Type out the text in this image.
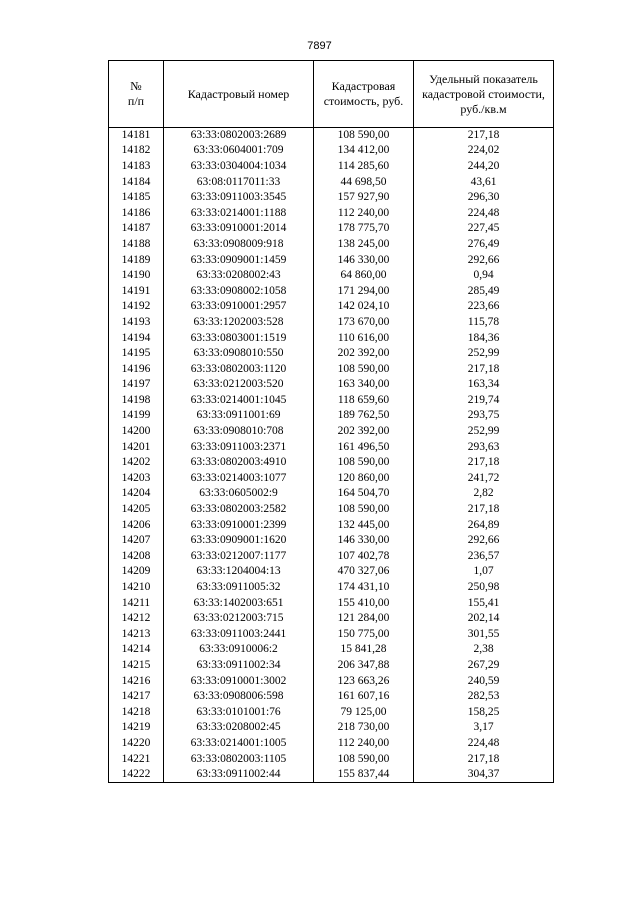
7897
№
п/п	Кадастровый номер	Кадастровая стоимость, руб.	Удельный показатель кадастровой стоимости, руб./кв.м
14181	63:33:0802003:2689	108 590,00	217,18
14182	63:33:0604001:709	134 412,00	224,02
14183	63:33:0304004:1034	114 285,60	244,20
14184	63:08:0117011:33	44 698,50	43,61
14185	63:33:0911003:3545	157 927,90	296,30
14186	63:33:0214001:1188	112 240,00	224,48
14187	63:33:0910001:2014	178 775,70	227,45
14188	63:33:0908009:918	138 245,00	276,49
14189	63:33:0909001:1459	146 330,00	292,66
14190	63:33:0208002:43	64 860,00	0,94
14191	63:33:0908002:1058	171 294,00	285,49
14192	63:33:0910001:2957	142 024,10	223,66
14193	63:33:1202003:528	173 670,00	115,78
14194	63:33:0803001:1519	110 616,00	184,36
14195	63:33:0908010:550	202 392,00	252,99
14196	63:33:0802003:1120	108 590,00	217,18
14197	63:33:0212003:520	163 340,00	163,34
14198	63:33:0214001:1045	118 659,60	219,74
14199	63:33:0911001:69	189 762,50	293,75
14200	63:33:0908010:708	202 392,00	252,99
14201	63:33:0911003:2371	161 496,50	293,63
14202	63:33:0802003:4910	108 590,00	217,18
14203	63:33:0214003:1077	120 860,00	241,72
14204	63:33:0605002:9	164 504,70	2,82
14205	63:33:0802003:2582	108 590,00	217,18
14206	63:33:0910001:2399	132 445,00	264,89
14207	63:33:0909001:1620	146 330,00	292,66
14208	63:33:0212007:1177	107 402,78	236,57
14209	63:33:1204004:13	470 327,06	1,07
14210	63:33:0911005:32	174 431,10	250,98
14211	63:33:1402003:651	155 410,00	155,41
14212	63:33:0212003:715	121 284,00	202,14
14213	63:33:0911003:2441	150 775,00	301,55
14214	63:33:0910006:2	15 841,28	2,38
14215	63:33:0911002:34	206 347,88	267,29
14216	63:33:0910001:3002	123 663,26	240,59
14217	63:33:0908006:598	161 607,16	282,53
14218	63:33:0101001:76	79 125,00	158,25
14219	63:33:0208002:45	218 730,00	3,17
14220	63:33:0214001:1005	112 240,00	224,48
14221	63:33:0802003:1105	108 590,00	217,18
14222	63:33:0911002:44	155 837,44	304,37
